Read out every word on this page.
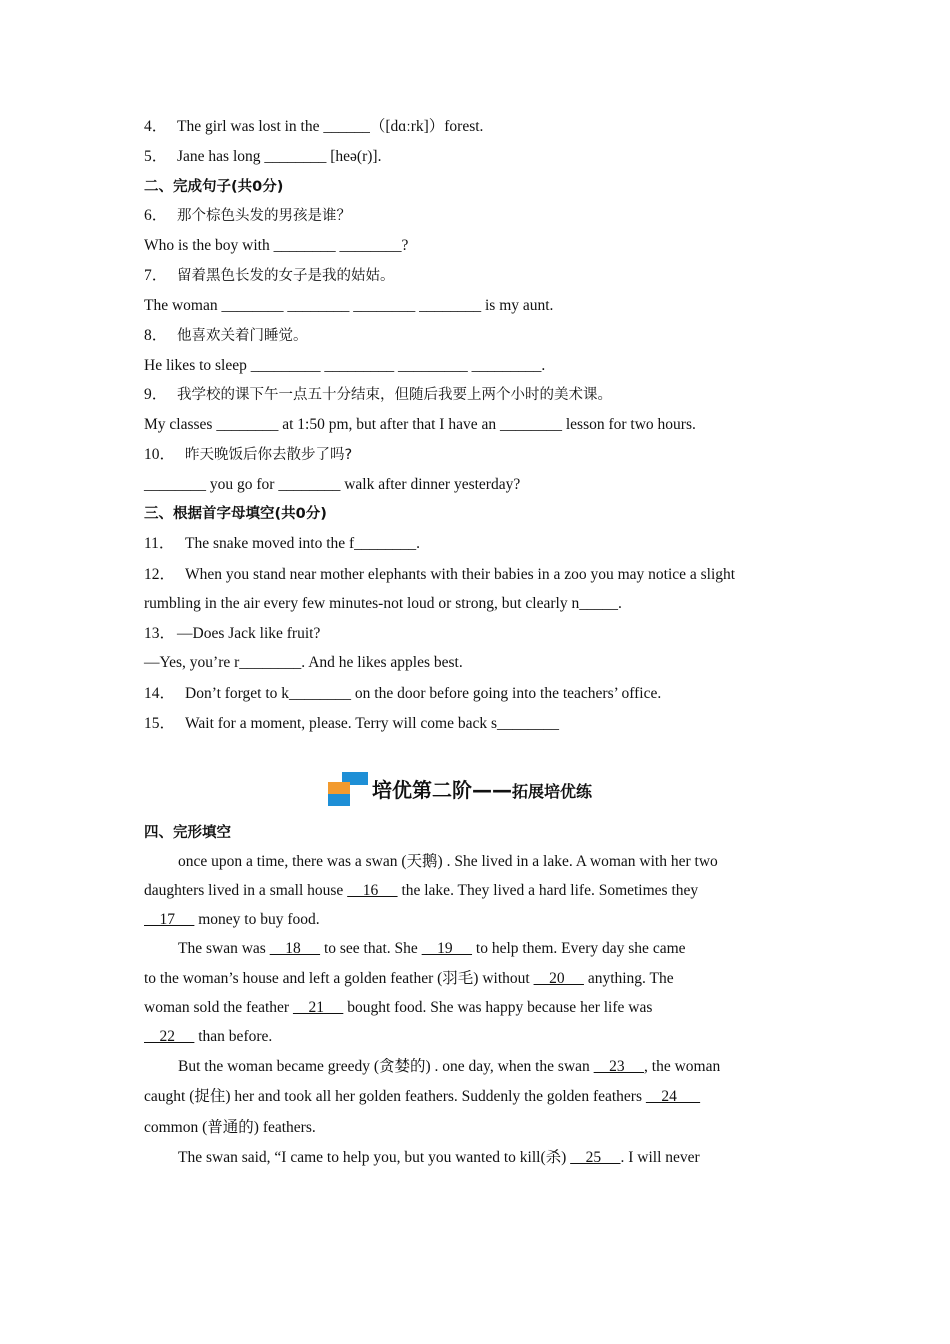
4． The girl was lost in the ______（[dɑːrk]）forest.
5． Jane has long ________ [heə(r)].
二、完成句子(共0分)
6． 那个棕色头发的男孩是谁？
Who is the boy with ________ ________?
7． 留着黑色长发的女子是我的姑姑。
The woman ________ ________ ________ ________ is my aunt.
8． 他喜欢关着门睡觉。
He likes to sleep _________ _________ _________ _________.
9． 我学校的课下午一点五十分结束，但随后我要上两个小时的美术课。
My classes ________ at 1:50 pm, but after that I have an ________ lesson for two hours.
10． 昨天晚饭后你去散步了吗?
________ you go for ________ walk after dinner yesterday?
三、根据首字母填空(共0分)
11． The snake moved into the f________.
12． When you stand near mother elephants with their babies in a zoo you may notice a slight
rumbling in the air every few minutes-not loud or strong, but clearly n_____.
13． —Does Jack like fruit?
—Yes, you’re r________. And he likes apples best.
14． Don’t forget to k________ on the door before going into the teachers’ office.
15． Wait for a moment, please. Terry will come back s________
培优第二阶——拓展培优练
四、完形填空
once upon a time, there was a swan (天鹅) . She lived in a lake. A woman with her two
daughters lived in a small house     16      the lake. They lived a hard life. Sometimes they
17      money to buy food.
The swan was     18      to see that. She     19      to help them. Every day she came
to the woman’s house and left a golden feather (羽毛) without     20      anything. The
woman sold the feather     21      bought food. She was happy because her life was
22      than before.
But the woman became greedy (贪婪的) . one day, when the swan     23     , the woman
caught (捉住) her and took all her golden feathers. Suddenly the golden feathers     24
common (普通的) feathers.
The swan said, “I came to help you, but you wanted to kill(杀)     25     . I will never
